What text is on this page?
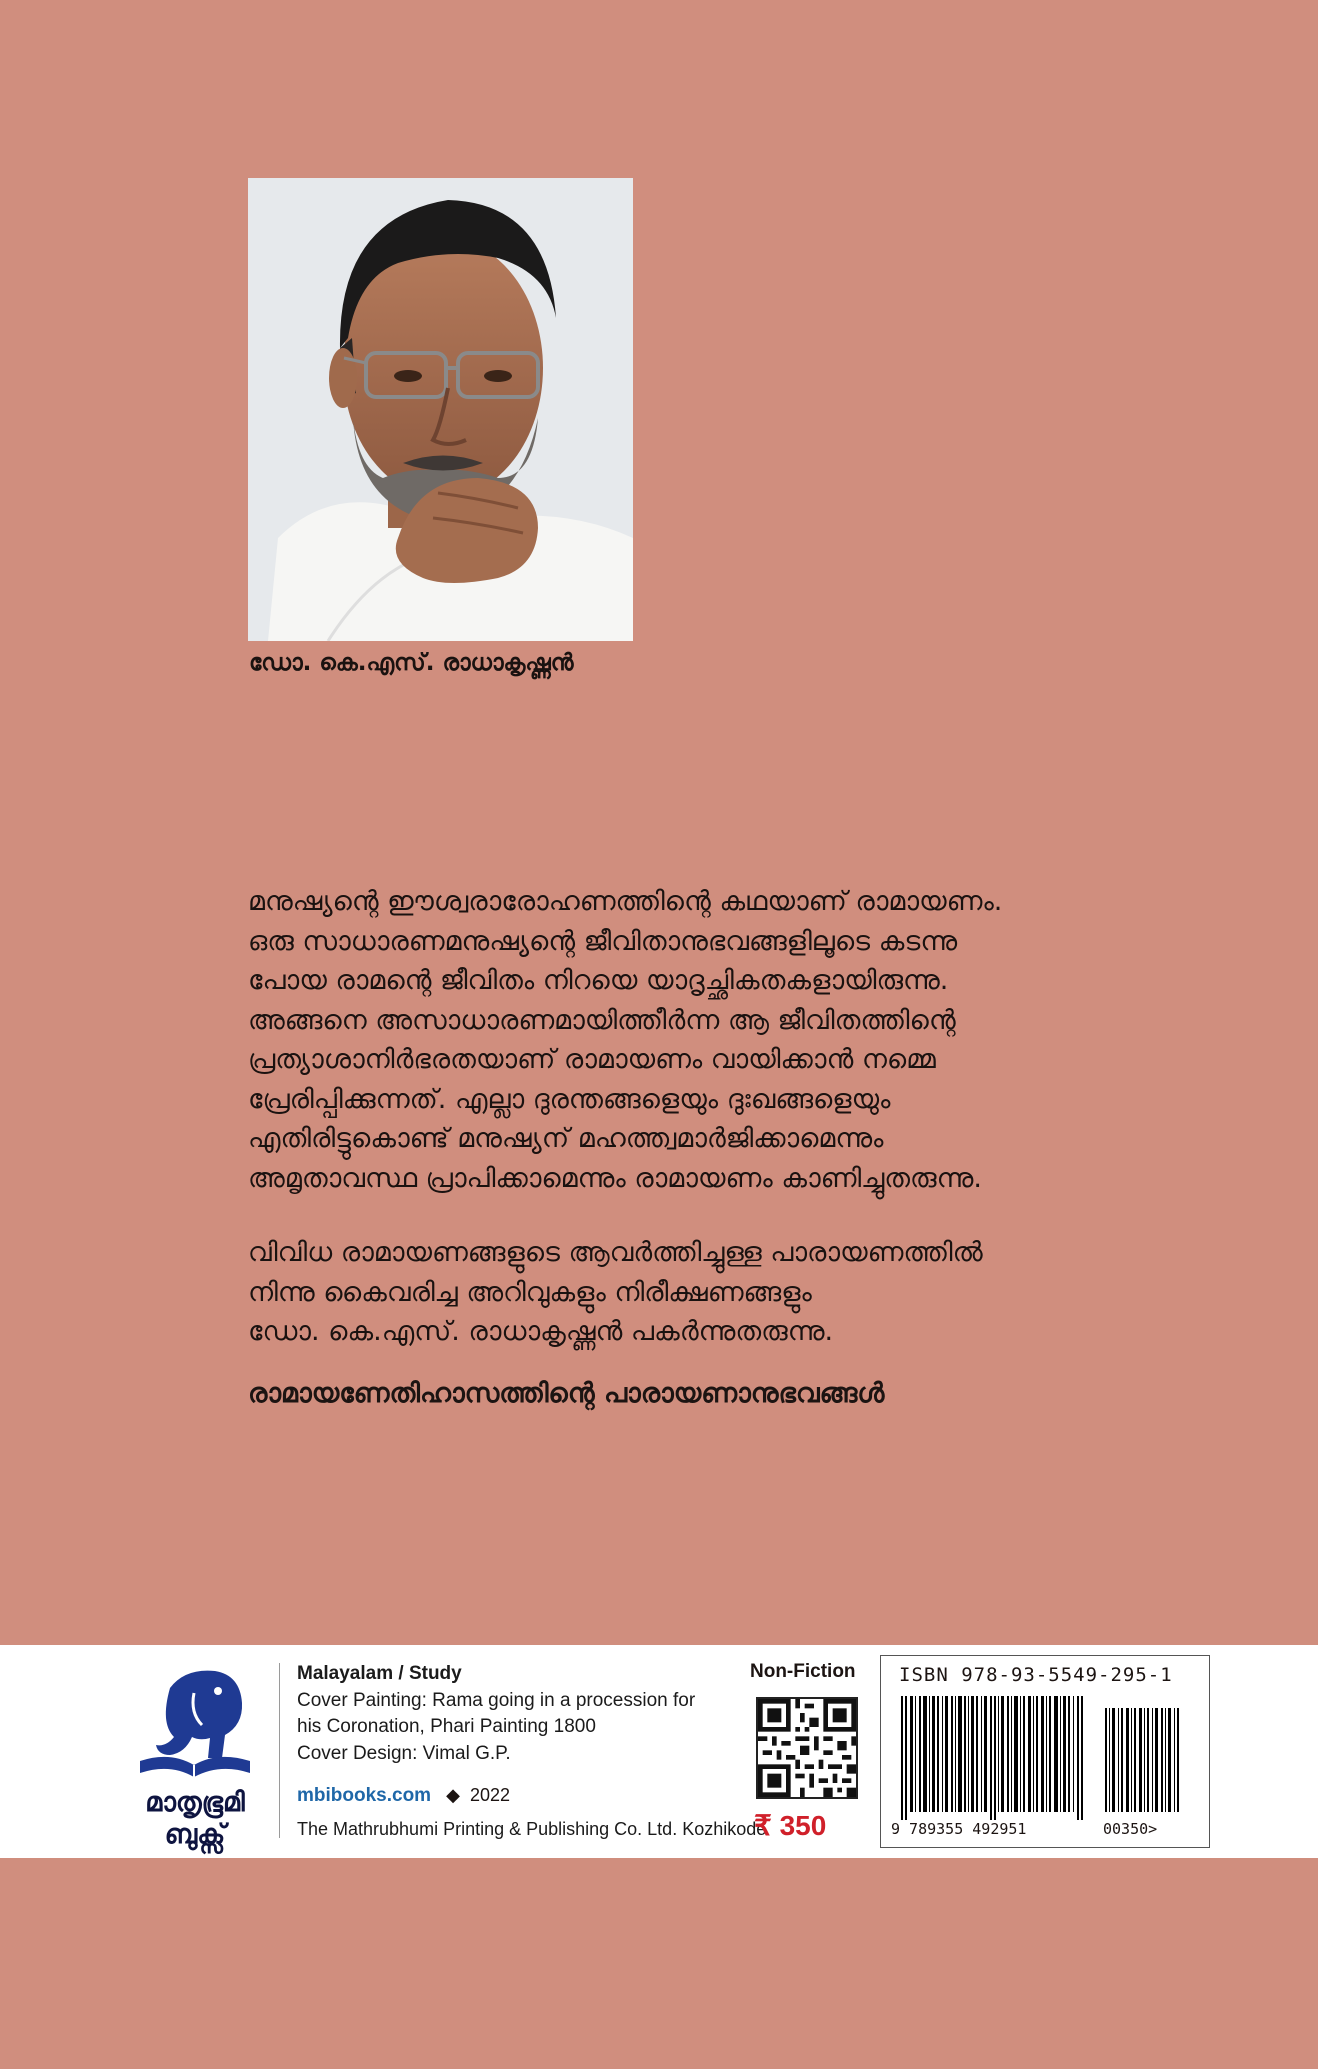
ഡോ. കെ.എസ്. രാധാകൃഷ്ണൻ

മനുഷ്യന്റെ ഈശ്വരാരോഹണത്തിന്റെ കഥയാണ് രാമായണം.
ഒരു സാധാരണമനുഷ്യന്റെ ജീവിതാനുഭവങ്ങളിലൂടെ കടന്നു
പോയ രാമന്റെ ജീവിതം നിറയെ യാദൃച്ഛികതകളായിരുന്നു.
അങ്ങനെ അസാധാരണമായിത്തീർന്ന ആ ജീവിതത്തിന്റെ
പ്രത്യാശാനിർഭരതയാണ് രാമായണം വായിക്കാൻ നമ്മെ
പ്രേരിപ്പിക്കുന്നത്. എല്ലാ ദുരന്തങ്ങളെയും ദുഃഖങ്ങളെയും
എതിരിട്ടുകൊണ്ട് മനുഷ്യന് മഹത്ത്വമാർജിക്കാമെന്നും
അമൃതാവസ്ഥ പ്രാപിക്കാമെന്നും രാമായണം കാണിച്ചുതരുന്നു.

വിവിധ രാമായണങ്ങളുടെ ആവർത്തിച്ചുള്ള പാരായണത്തിൽ
നിന്നു കൈവരിച്ച അറിവുകളും നിരീക്ഷണങ്ങളും
ഡോ. കെ.എസ്. രാധാകൃഷ്ണൻ പകർന്നുതരുന്നു.

രാമായണേതിഹാസത്തിന്റെ പാരായണാനുഭവങ്ങൾ
മാതൃഭൂമി
ബുക്സ്
Malayalam / Study
Cover Painting: Rama going in a procession for
his Coronation, Phari Painting 1800
Cover Design: Vimal G.P.
mbibooks.com ◆ 2022
The Mathrubhumi Printing & Publishing Co. Ltd. Kozhikode
Non-Fiction
₹ 350
ISBN 978-93-5549-295-1
9 789355 492951	00350>
